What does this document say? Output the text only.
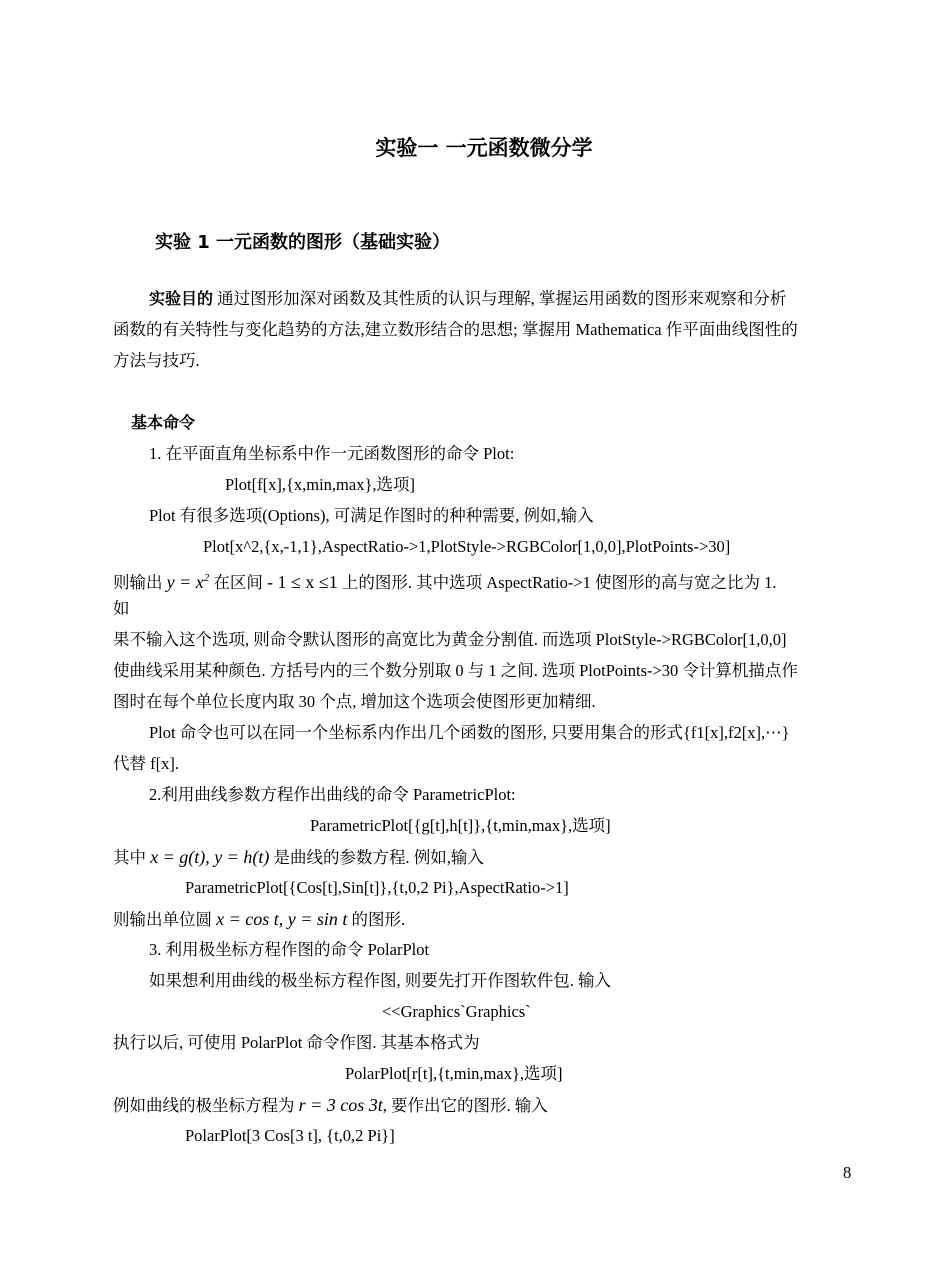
实验一 一元函数微分学
实验 1 一元函数的图形（基础实验）
实验目的 通过图形加深对函数及其性质的认识与理解, 掌握运用函数的图形来观察和分析
函数的有关特性与变化趋势的方法,建立数形结合的思想; 掌握用 Mathematica 作平面曲线图性的
方法与技巧.
基本命令
1. 在平面直角坐标系中作一元函数图形的命令 Plot:
Plot[f[x],{x,min,max},选项]
Plot 有很多选项(Options), 可满足作图时的种种需要, 例如,输入
Plot[x^2,{x,-1,1},AspectRatio->1,PlotStyle->RGBColor[1,0,0],PlotPoints->30]
则输出 $y = x^2$ 在区间 - 1 ≤ x ≤1 上的图形. 其中选项 AspectRatio->1 使图形的高与宽之比为 1.
如
果不输入这个选项, 则命令默认图形的高宽比为黄金分割值. 而选项 PlotStyle->RGBColor[1,0,0]
使曲线采用某种颜色. 方括号内的三个数分别取 0 与 1 之间. 选项 PlotPoints->30 令计算机描点作
图时在每个单位长度内取 30 个点, 增加这个选项会使图形更加精细.
Plot 命令也可以在同一个坐标系内作出几个函数的图形, 只要用集合的形式{f1[x],f2[x],⋯}
代替 f[x].
2.利用曲线参数方程作出曲线的命令 ParametricPlot:
ParametricPlot[{g[t],h[t]},{t,min,max},选项]
其中 x = g(t), y = h(t) 是曲线的参数方程. 例如,输入
ParametricPlot[{Cos[t],Sin[t]},{t,0,2 Pi},AspectRatio->1]
则输出单位圆 x = cos t, y = sin t 的图形.
3. 利用极坐标方程作图的命令 PolarPlot
如果想利用曲线的极坐标方程作图, 则要先打开作图软件包. 输入
<<Graphics`Graphics`
执行以后, 可使用 PolarPlot 命令作图. 其基本格式为
PolarPlot[r[t],{t,min,max},选项]
例如曲线的极坐标方程为 r = 3 cos 3t, 要作出它的图形. 输入
PolarPlot[3 Cos[3 t], {t,0,2 Pi}]
8
